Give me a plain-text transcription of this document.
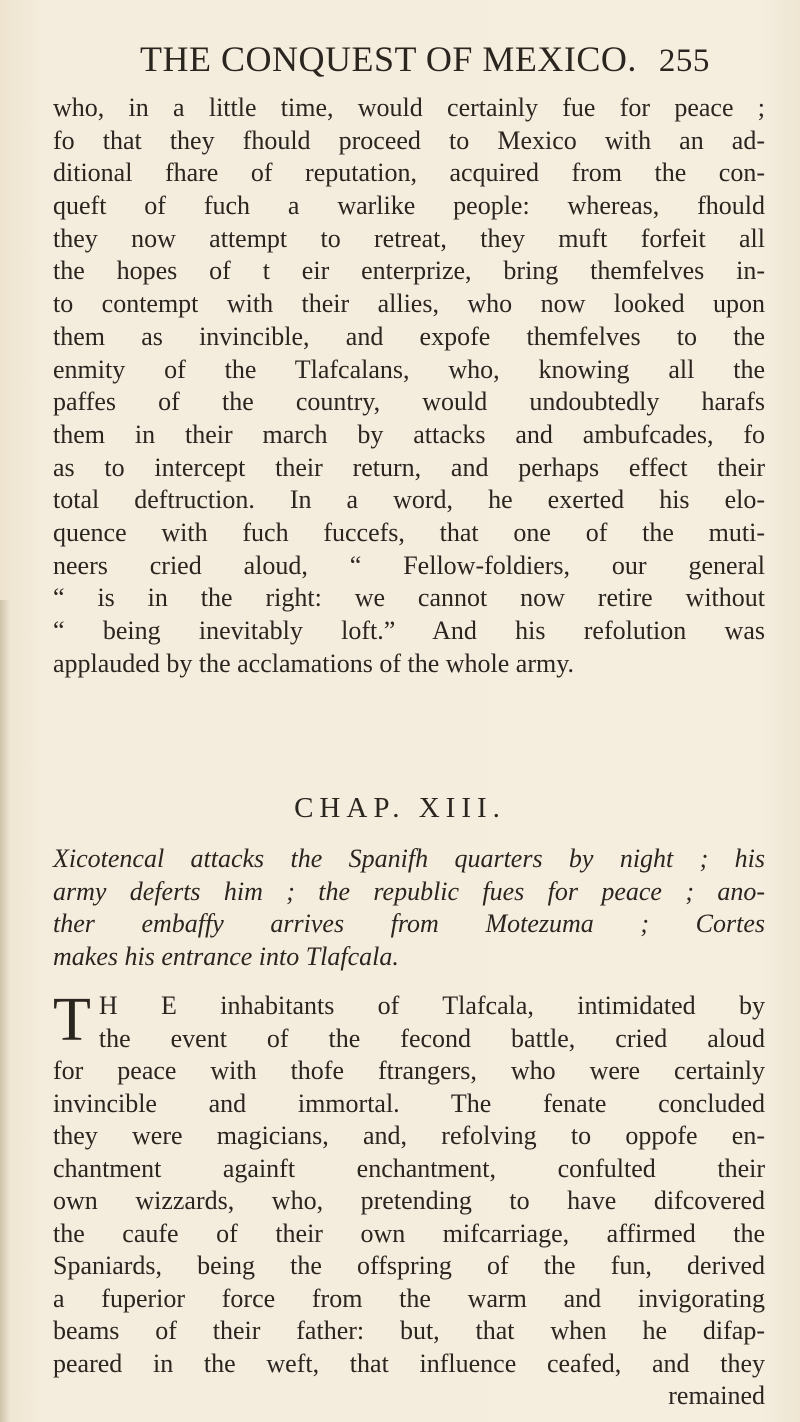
THE CONQUEST OF MEXICO. 255
who, in a little time, would certainly fue for peace ;
fo that they fhould proceed to Mexico with an ad-
ditional fhare of reputation, acquired from the con-
queft of fuch a warlike people: whereas, fhould
they now attempt to retreat, they muft forfeit all
the hopes of t eir enterprize, bring themfelves in-
to contempt with their allies, who now looked upon
them as invincible, and expofe themfelves to the
enmity of the Tlafcalans, who, knowing all the
paffes of the country, would undoubtedly harafs
them in their march by attacks and ambufcades, fo
as to intercept their return, and perhaps effect their
total deftruction. In a word, he exerted his elo-
quence with fuch fuccefs, that one of the muti-
neers cried aloud, “ Fellow-foldiers, our general
“ is in the right: we cannot now retire without
“ being inevitably loft.” And his refolution was
applauded by the acclamations of the whole army.
CHAP. XIII.
Xicotencal attacks the Spanifh quarters by night ; his
army deferts him ; the republic fues for peace ; ano-
ther embaffy arrives from Motezuma ; Cortes
makes his entrance into Tlafcala.
T H E inhabitants of Tlafcala, intimidated by
the event of the fecond battle, cried aloud
for peace with thofe ftrangers, who were certainly
invincible and immortal. The fenate concluded
they were magicians, and, refolving to oppofe en-
chantment againft enchantment, confulted their
own wizzards, who, pretending to have difcovered
the caufe of their own mifcarriage, affirmed the
Spaniards, being the offspring of the fun, derived
a fuperior force from the warm and invigorating
beams of their father: but, that when he difap-
peared in the weft, that influence ceafed, and they
remained
